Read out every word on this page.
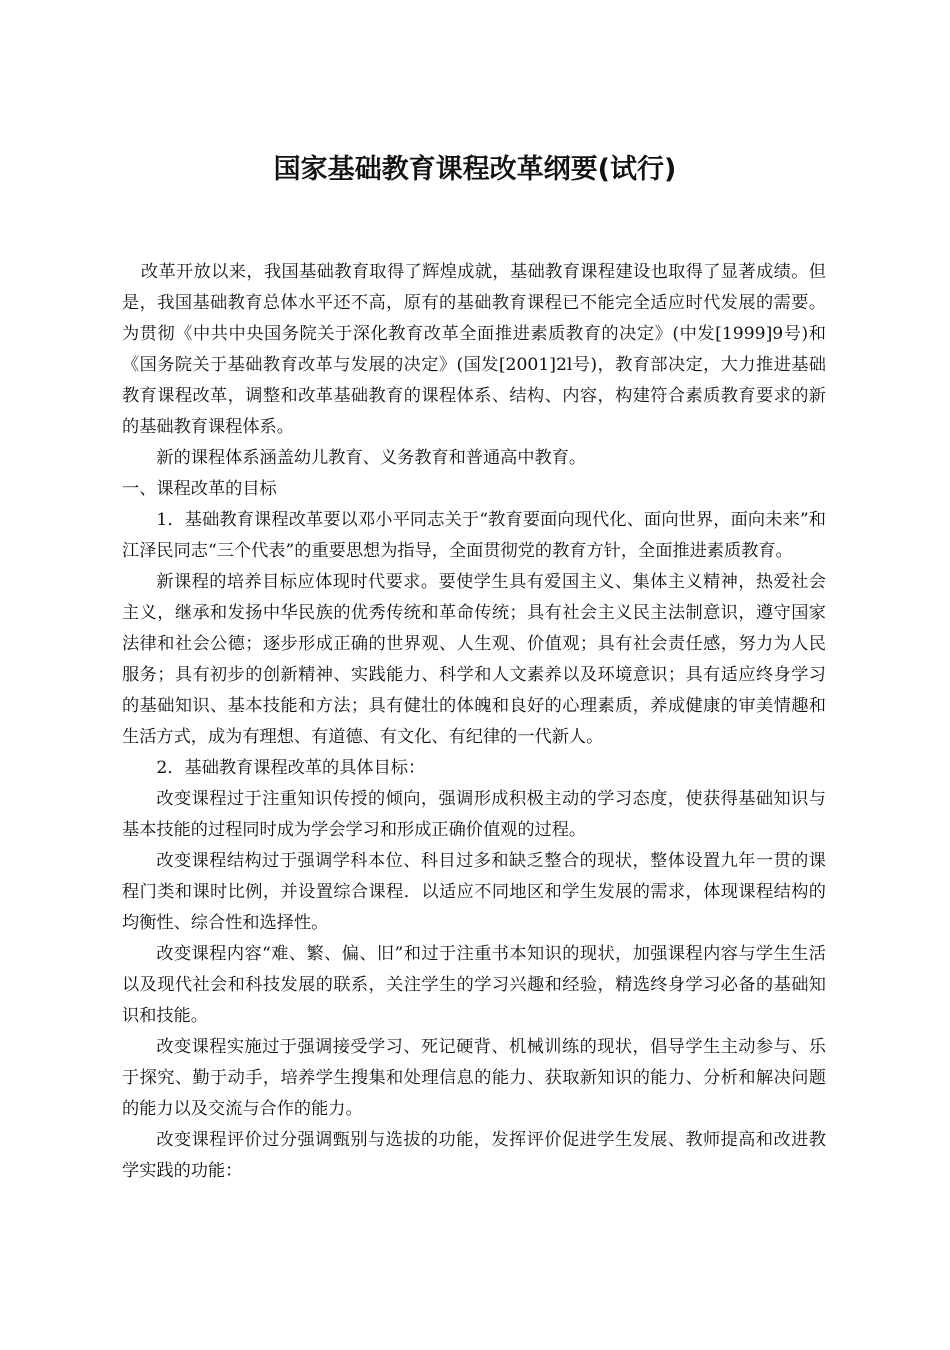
国家基础教育课程改革纲要(试行)

改革开放以来，我国基础教育取得了辉煌成就，基础教育课程建设也取得了显著成绩。但是，我国基础教育总体水平还不高，原有的基础教育课程已不能完全适应时代发展的需要。为贯彻《中共中央国务院关于深化教育改革全面推进素质教育的决定》(中发[1999]9号)和《国务院关于基础教育改革与发展的决定》(国发[2001]2l号)，教育部决定，大力推进基础教育课程改革，调整和改革基础教育的课程体系、结构、内容，构建符合素质教育要求的新的基础教育课程体系。

新的课程体系涵盖幼儿教育、义务教育和普通高中教育。

一、课程改革的目标

1．基础教育课程改革要以邓小平同志关于“教育要面向现代化、面向世界，面向未来”和江泽民同志“三个代表”的重要思想为指导，全面贯彻党的教育方针，全面推进素质教育。

新课程的培养目标应体现时代要求。要使学生具有爱国主义、集体主义精神，热爱社会主义，继承和发扬中华民族的优秀传统和革命传统；具有社会主义民主法制意识，遵守国家法律和社会公德；逐步形成正确的世界观、人生观、价值观；具有社会责任感，努力为人民服务；具有初步的创新精神、实践能力、科学和人文素养以及环境意识；具有适应终身学习的基础知识、基本技能和方法；具有健壮的体魄和良好的心理素质，养成健康的审美情趣和生活方式，成为有理想、有道德、有文化、有纪律的一代新人。

2．基础教育课程改革的具体目标：

改变课程过于注重知识传授的倾向，强调形成积极主动的学习态度，使获得基础知识与基本技能的过程同时成为学会学习和形成正确价值观的过程。

改变课程结构过于强调学科本位、科目过多和缺乏整合的现状，整体设置九年一贯的课程门类和课时比例，并设置综合课程．以适应不同地区和学生发展的需求，体现课程结构的均衡性、综合性和选择性。

改变课程内容“难、繁、偏、旧”和过于注重书本知识的现状，加强课程内容与学生生活以及现代社会和科技发展的联系，关注学生的学习兴趣和经验，精选终身学习必备的基础知识和技能。

改变课程实施过于强调接受学习、死记硬背、机械训练的现状，倡导学生主动参与、乐于探究、勤于动手，培养学生搜集和处理信息的能力、获取新知识的能力、分析和解决问题的能力以及交流与合作的能力。

改变课程评价过分强调甄别与选拔的功能，发挥评价促进学生发展、教师提高和改进教学实践的功能：
